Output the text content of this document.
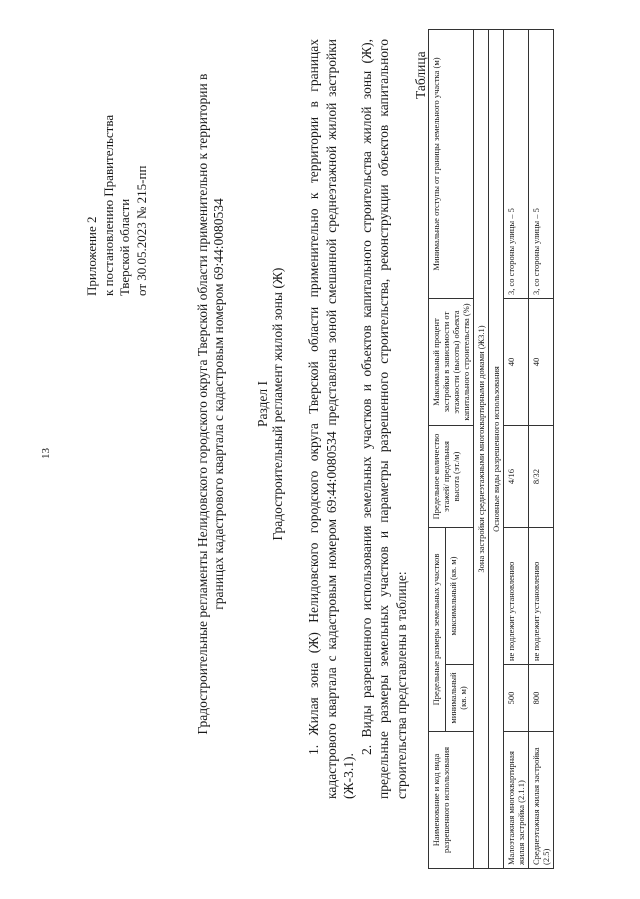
13
Приложение 2 к постановлению Правительства Тверской области от 30.05.2023 № 215-пп	Градостроительные регламенты Нелидовского городского округа Тверской области применительно к территории в границах кадастрового квартала с кадастровым номером 69:44:0080534 Раздел I Градостроительный регламент жилой зоны (Ж) 1. Жилая зона (Ж) Нелидовского городского округа Тверской области применительно к территории в границах кадастрового квартала с кадастровым номером 69:44:0080534 представлена зоной смешанной среднеэтажной жилой застройки (Ж-3.1).

2. Виды разрешенного использования земельных участков и объектов капитального строительства жилой зоны (Ж), предельные размеры земельных участков и параметры разрешенного строительства, реконструкции объектов капитального строительства представлены в таблице:

Таблица
Наименование и код вида разрешенного использования	Предельные размеры земельных участков		Предельное количество этажей/ предельная высота (эт./м)	Максимальный процент застройки в зависимости от этажности (высоты) объекта капитального строительства (%)	Минимальные отступы от границы земельного участка (м)
	минимальный (кв. м)	максимальный (кв. м)			
Зона застройки среднеэтажными многоквартирными домами (Ж3.1)					
Основные виды разрешенного использования					
Малоэтажная многоквартирная жилая застройка (2.1.1)	500	не подлежит установлению	4/16	40	3, со стороны улицы – 5
Среднеэтажная жилая застройка (2.5)	800	не подлежит установлению	8/32	40	3, со стороны улицы – 5
